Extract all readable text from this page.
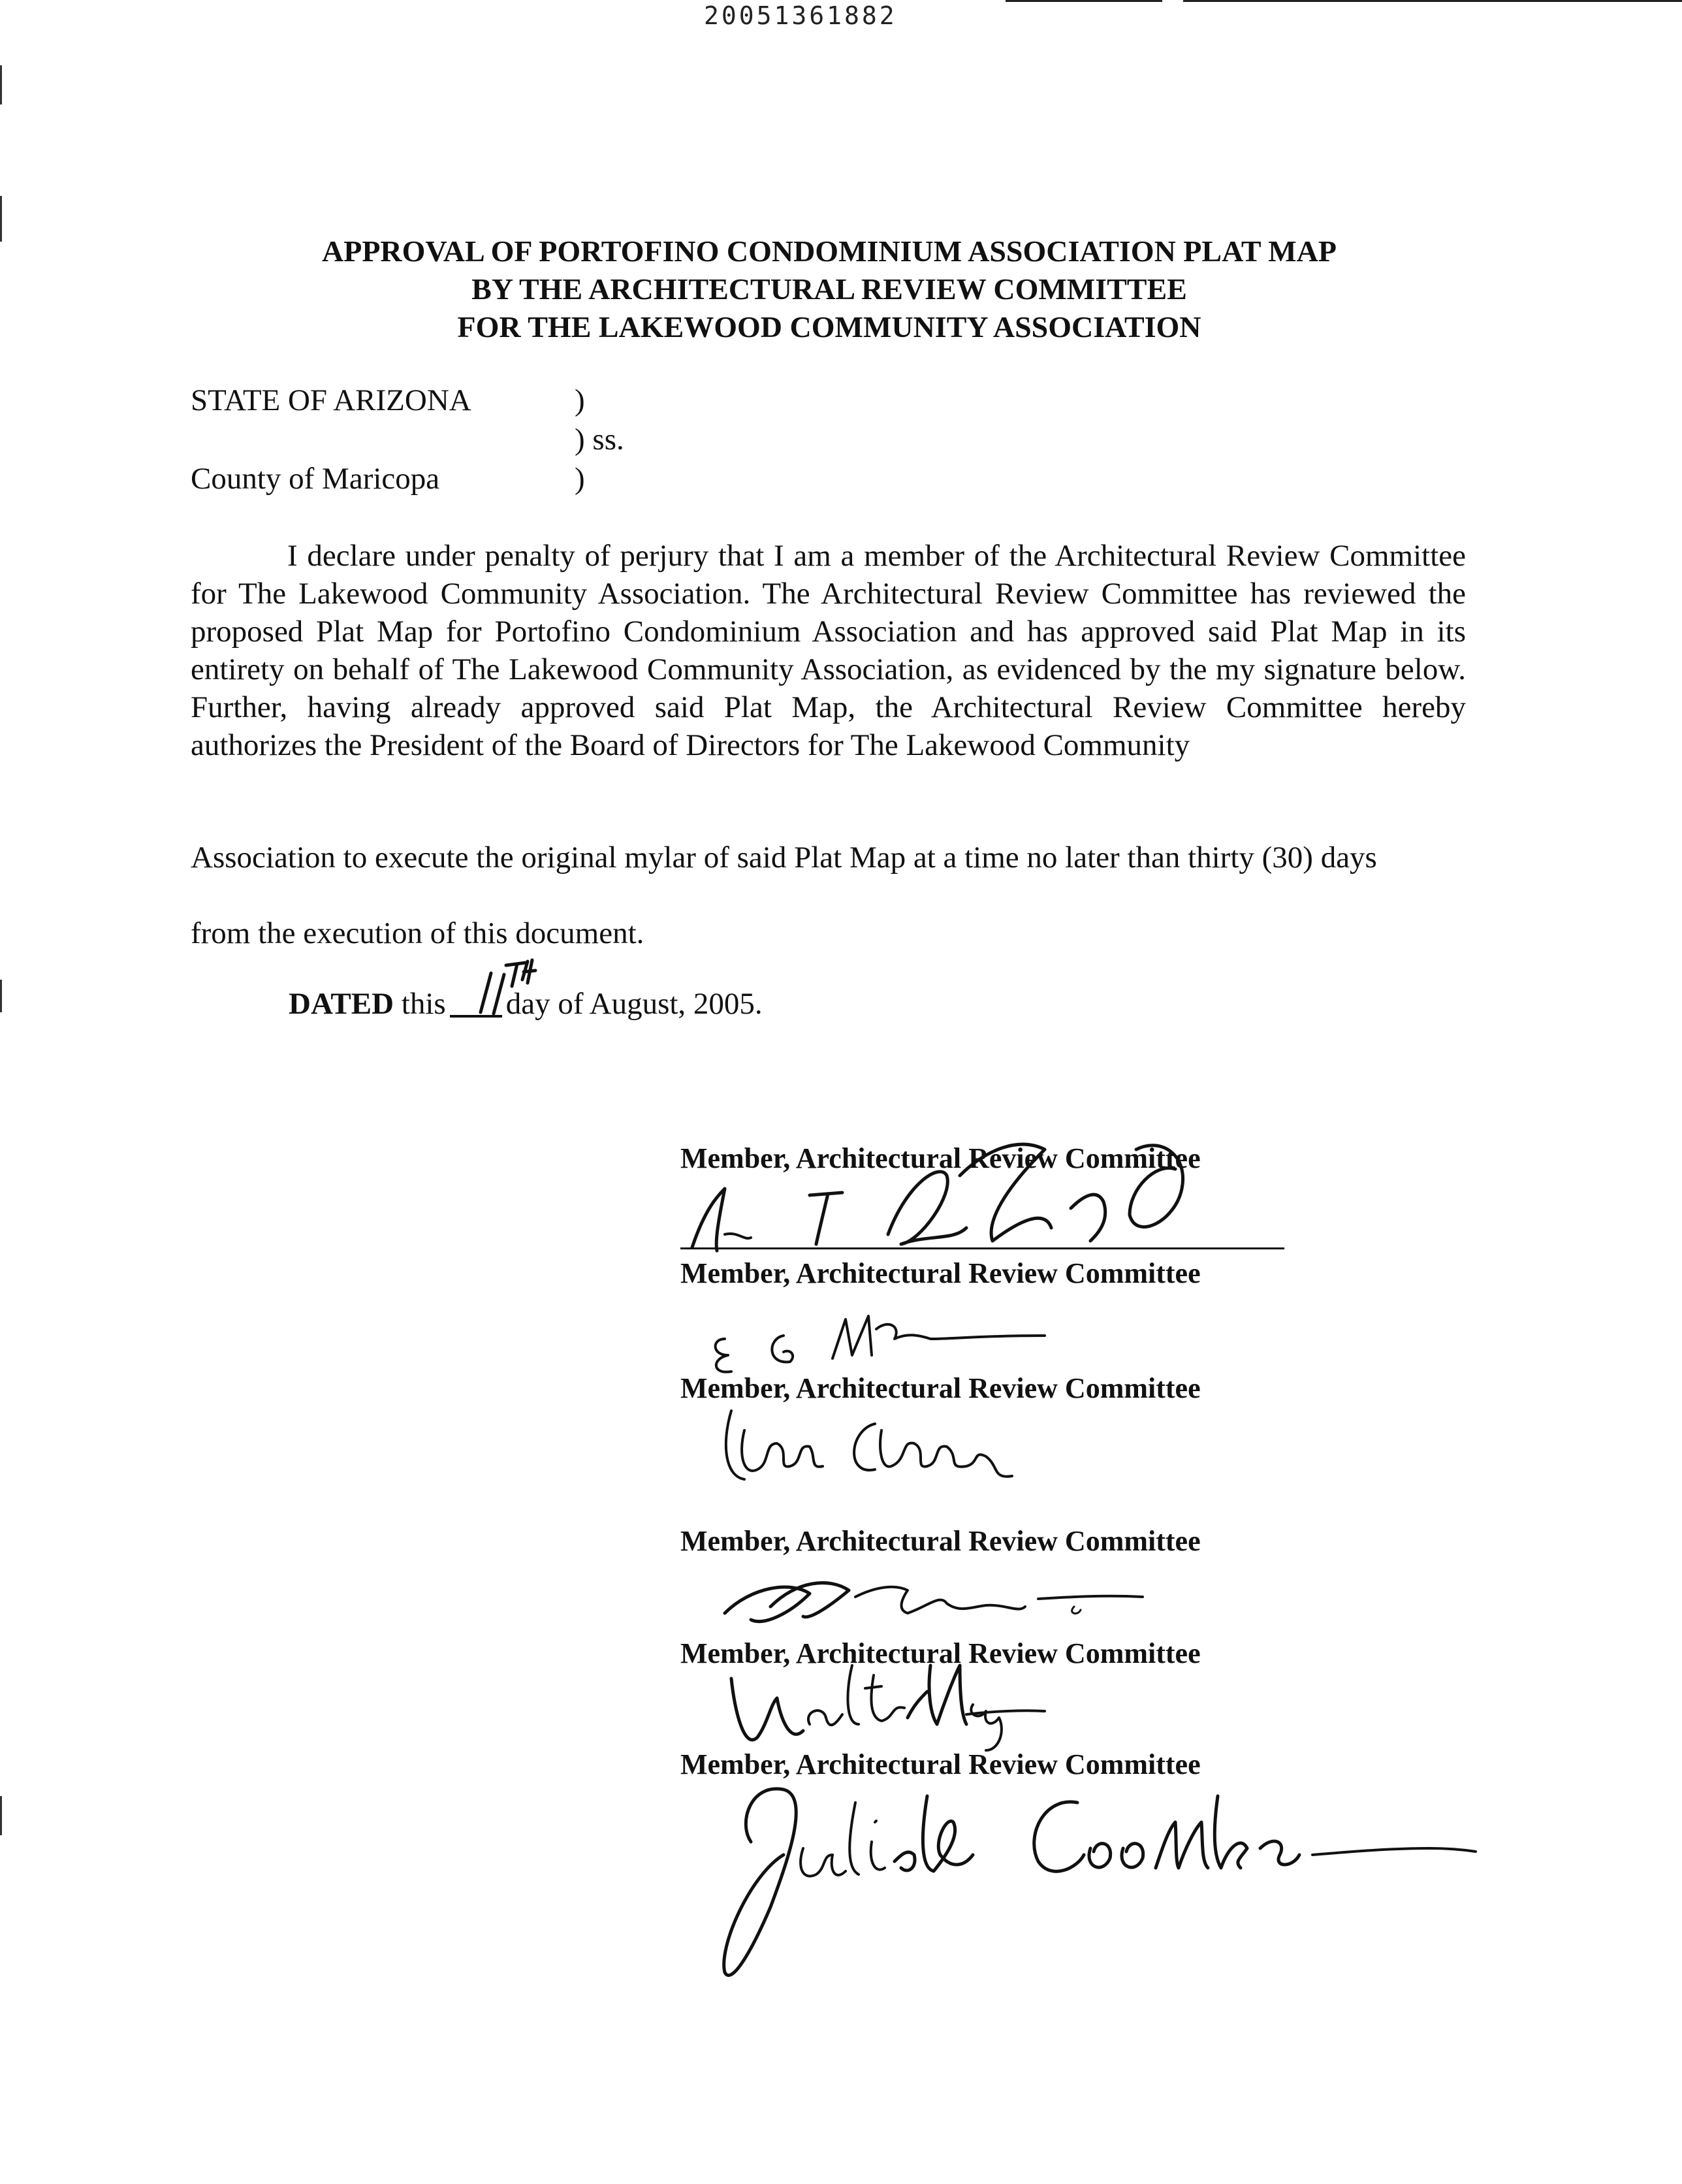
20051361882
APPROVAL OF PORTOFINO CONDOMINIUM ASSOCIATION PLAT MAP
BY THE ARCHITECTURAL REVIEW COMMITTEE
FOR THE LAKEWOOD COMMUNITY ASSOCIATION
STATE OF ARIZONA	)
) ss.
County of Maricopa	)
I declare under penalty of perjury that I am a member of the Architectural Review Committee for The Lakewood Community Association. The Architectural Review Committee has reviewed the proposed Plat Map for Portofino Condominium Association and has approved said Plat Map in its entirety on behalf of The Lakewood Community Association, as evidenced by the my signature below. Further, having already approved said Plat Map, the Architectural Review Committee hereby authorizes the President of the Board of Directors for The Lakewood Community
Association to execute the original mylar of said Plat Map at a time no later than thirty (30) days
from the execution of this document.
DATED this day of August, 2005.
Member, Architectural Review Committee
Member, Architectural Review Committee
Member, Architectural Review Committee
Member, Architectural Review Committee
Member, Architectural Review Committee
Member, Architectural Review Committee
